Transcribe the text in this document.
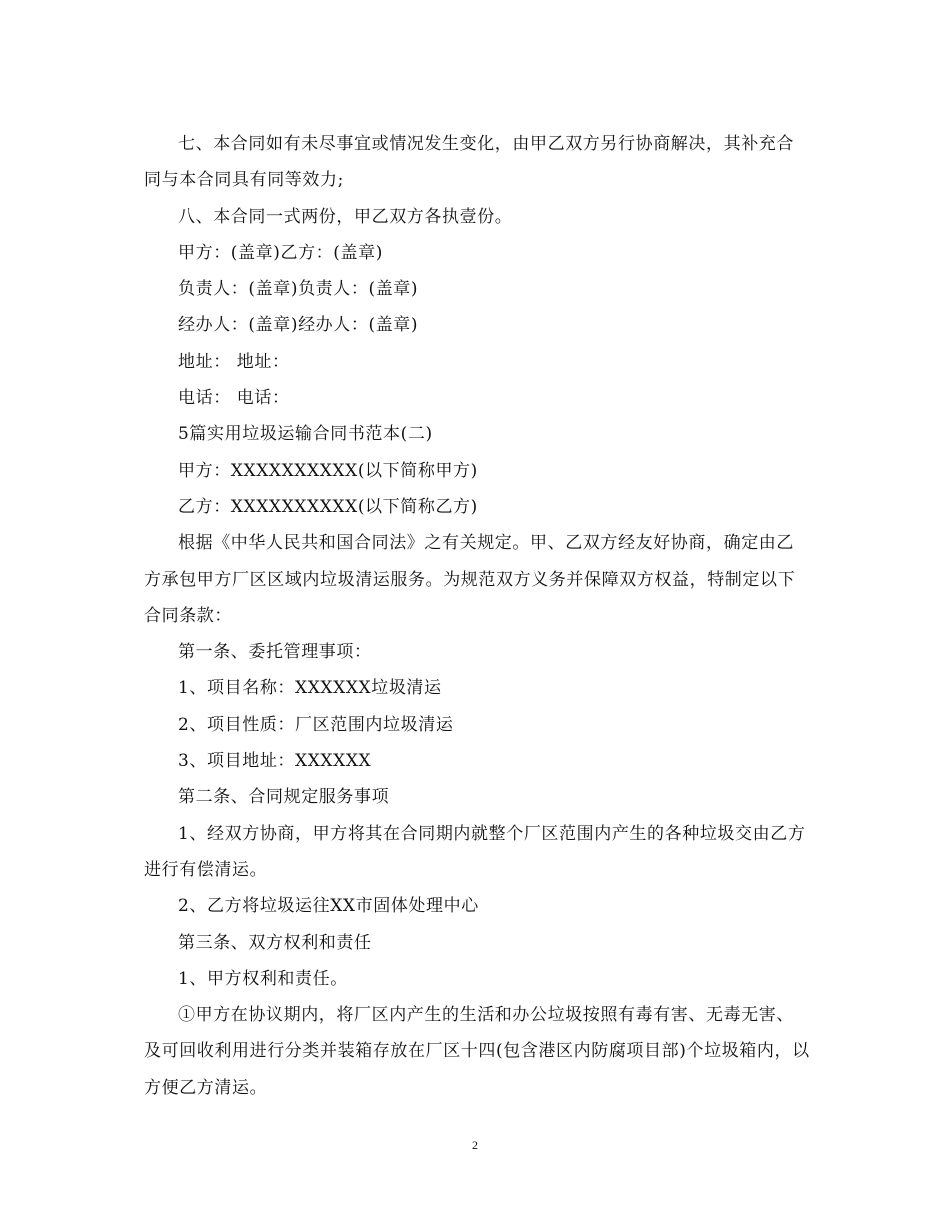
七、本合同如有未尽事宜或情况发生变化，由甲乙双方另行协商解决，其补充合同与本合同具有同等效力;

八、本合同一式两份，甲乙双方各执壹份。

甲方：(盖章)乙方：(盖章)

负责人：(盖章)负责人：(盖章)

经办人：(盖章)经办人：(盖章)

地址： 地址：

电话： 电话：

5篇实用垃圾运输合同书范本(二)

甲方：XXXXXXXXXX(以下简称甲方)

乙方：XXXXXXXXXX(以下简称乙方)

根据《中华人民共和国合同法》之有关规定。甲、乙双方经友好协商，确定由乙方承包甲方厂区区域内垃圾清运服务。为规范双方义务并保障双方权益，特制定以下合同条款：

第一条、委托管理事项：

1、项目名称：XXXXXX垃圾清运

2、项目性质：厂区范围内垃圾清运

3、项目地址：XXXXXX

第二条、合同规定服务事项

1、经双方协商，甲方将其在合同期内就整个厂区范围内产生的各种垃圾交由乙方进行有偿清运。

2、乙方将垃圾运往XX市固体处理中心

第三条、双方权利和责任

1、甲方权利和责任。

①甲方在协议期内，将厂区内产生的生活和办公垃圾按照有毒有害、无毒无害、及可回收利用进行分类并装箱存放在厂区十四(包含港区内防腐项目部)个垃圾箱内，以方便乙方清运。

2
